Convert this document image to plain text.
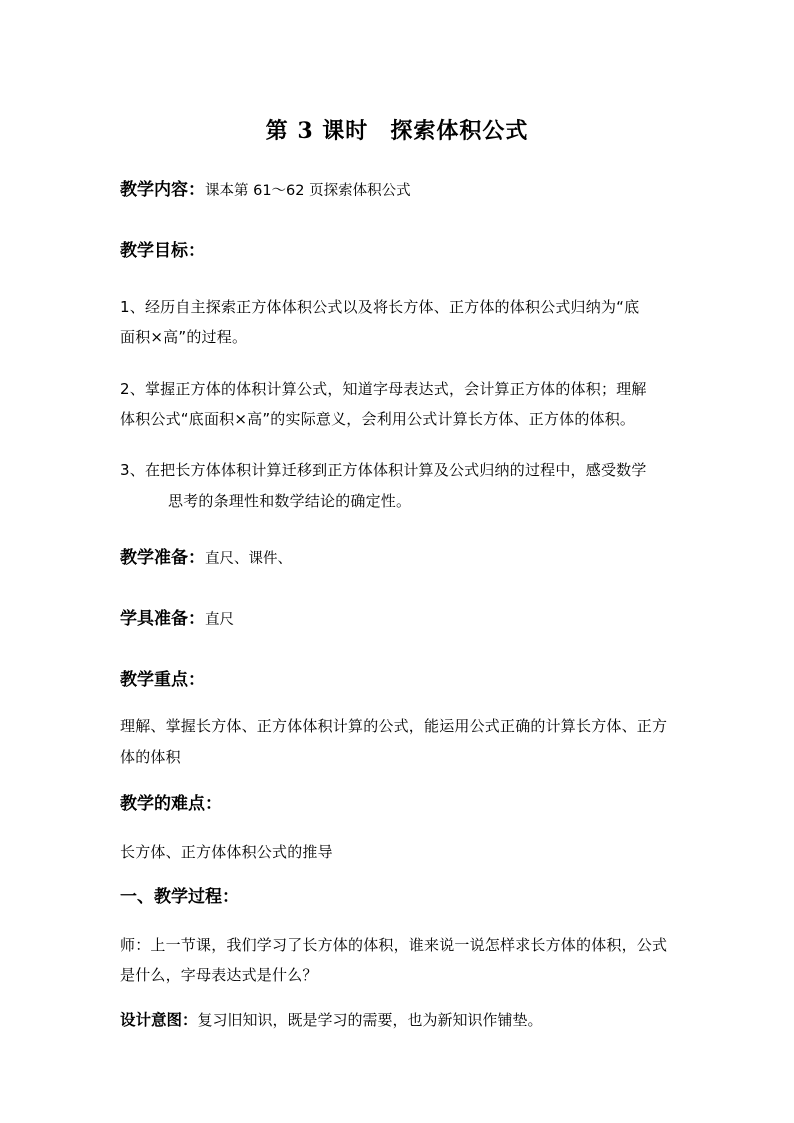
第 3 课时 探索体积公式
教学内容：课本第 61～62 页探索体积公式
教学目标：
1、经历自主探索正方体体积公式以及将长方体、正方体的体积公式归纳为“底
面积×高”的过程。
2、掌握正方体的体积计算公式，知道字母表达式，会计算正方体的体积；理解
体积公式“底面积×高”的实际意义，会利用公式计算长方体、正方体的体积。
3、在把长方体体积计算迁移到正方体体积计算及公式归纳的过程中，感受数学
思考的条理性和数学结论的确定性。
教学准备：直尺、课件、
学具准备：直尺
教学重点：
理解、掌握长方体、正方体体积计算的公式，能运用公式正确的计算长方体、正方
体的体积
教学的难点：
长方体、正方体体积公式的推导
一、教学过程：
师：上一节课，我们学习了长方体的体积，谁来说一说怎样求长方体的体积，公式
是什么，字母表达式是什么？
设计意图：复习旧知识，既是学习的需要，也为新知识作铺垫。
